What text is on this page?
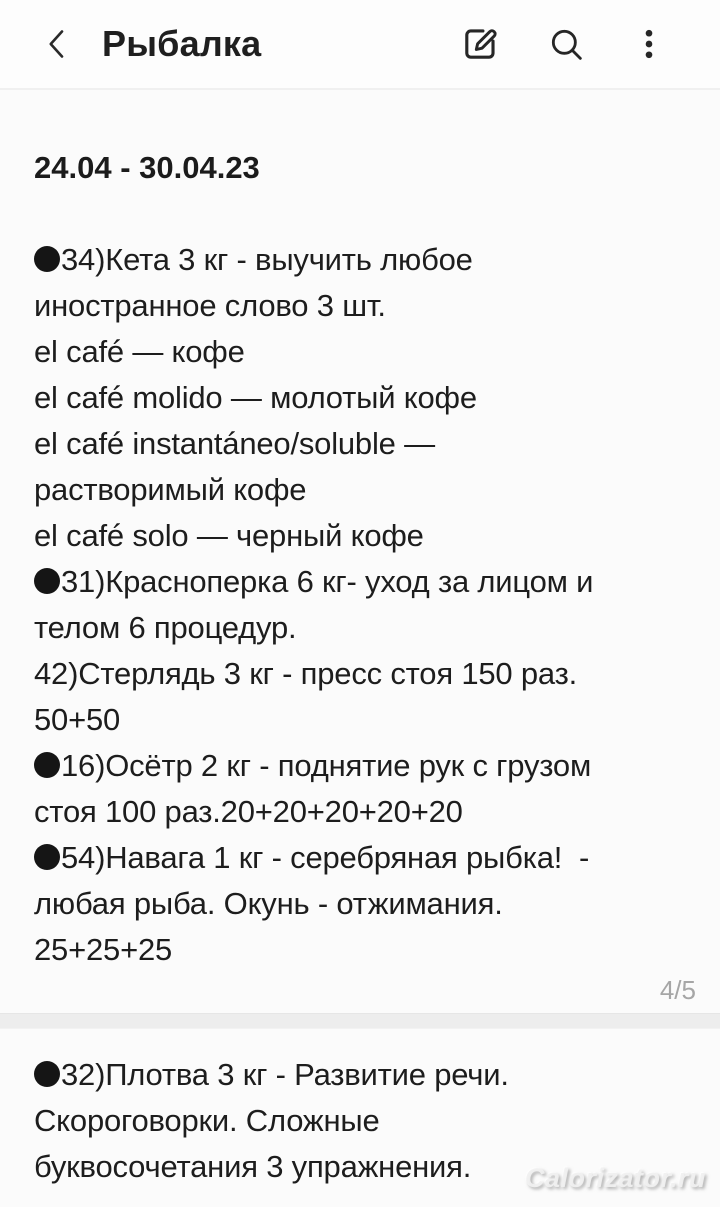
Рыбалка
24.04 - 30.04.23
34)Кета 3 кг - выучить любое
иностранное слово 3 шт.
el café — кофе
el café molido — молотый кофе
el café instantáneo/soluble —
растворимый кофе
el café solo — черный кофе
31)Красноперка 6 кг- уход за лицом и
телом 6 процедур.
42)Стерлядь 3 кг - пресс стоя 150 раз.
50+50
16)Осётр 2 кг - поднятие рук с грузом
стоя 100 раз.20+20+20+20+20
54)Навага 1 кг - серебряная рыбка!  -
любая рыба. Окунь - отжимания.
25+25+25
4/5
32)Плотва 3 кг - Развитие речи.
Скороговорки. Сложные
буквосочетания 3 упражнения.	Calorizator.ru
